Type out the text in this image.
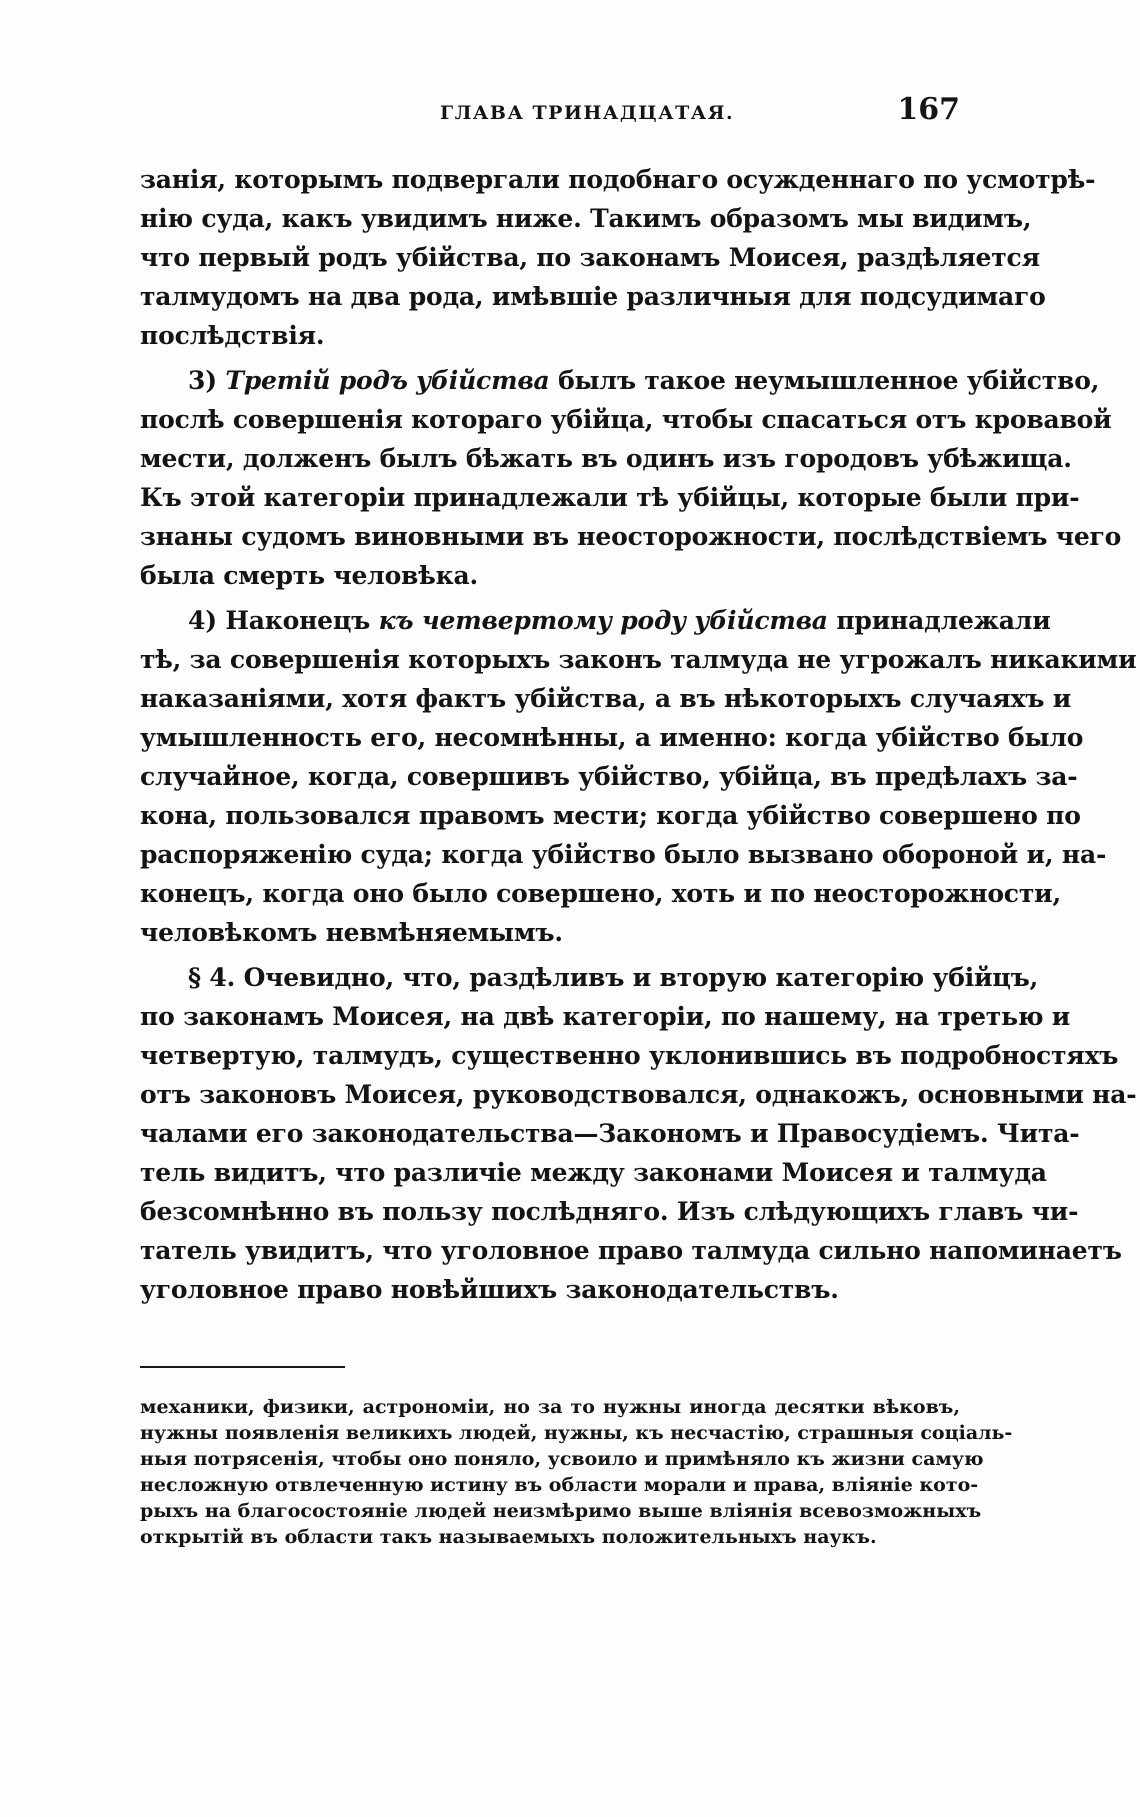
ГЛАВА ТРИНАДЦАТАЯ.	167
занія, которымъ подвергали подобнаго осужденнаго по усмотрѣ-
нію суда, какъ увидимъ ниже. Такимъ образомъ мы видимъ,
что первый родъ убійства, по законамъ Моисея, раздѣляется
талмудомъ на два рода, имѣвшіе различныя для подсудимаго
послѣдствія.
3) Третій родъ убійства былъ такое неумышленное убійство,
послѣ совершенія котораго убійца, чтобы спасаться отъ кровавой
мести, долженъ былъ бѣжать въ одинъ изъ городовъ убѣжища.
Къ этой категоріи принадлежали тѣ убійцы, которые были при-
знаны судомъ виновными въ неосторожности, послѣдствіемъ чего
была смерть человѣка.
4) Наконецъ къ четвертому роду убійства принадлежали
тѣ, за совершенія которыхъ законъ талмуда не угрожалъ никакими
наказаніями, хотя фактъ убійства, а въ нѣкоторыхъ случаяхъ и
умышленность его, несомнѣнны, а именно: когда убійство было
случайное, когда, совершивъ убійство, убійца, въ предѣлахъ за-
кона, пользовался правомъ мести; когда убійство совершено по
распоряженію суда; когда убійство было вызвано обороной и, на-
конецъ, когда оно было совершено, хоть и по неосторожности,
человѣкомъ невмѣняемымъ.
§ 4. Очевидно, что, раздѣливъ и вторую категорію убійцъ,
по законамъ Моисея, на двѣ категоріи, по нашему, на третью и
четвертую, талмудъ, существенно уклонившись въ подробностяхъ
отъ законовъ Моисея, руководствовался, однакожъ, основными на-
чалами его законодательства—Закономъ и Правосудіемъ. Чита-
тель видитъ, что различіе между законами Моисея и талмуда
безсомнѣнно въ пользу послѣдняго. Изъ слѣдующихъ главъ чи-
татель увидитъ, что уголовное право талмуда сильно напоминаетъ
уголовное право новѣйшихъ законодательствъ.
механики, физики, астрономіи, но за то нужны иногда десятки вѣковъ,
нужны появленія великихъ людей, нужны, къ несчастію, страшныя соціаль-
ныя потрясенія, чтобы оно поняло, усвоило и примѣняло къ жизни самую
несложную отвлеченную истину въ области морали и права, вліяніе кото-
рыхъ на благосостояніе людей неизмѣримо выше вліянія всевозможныхъ
открытій въ области такъ называемыхъ положительныхъ наукъ.
